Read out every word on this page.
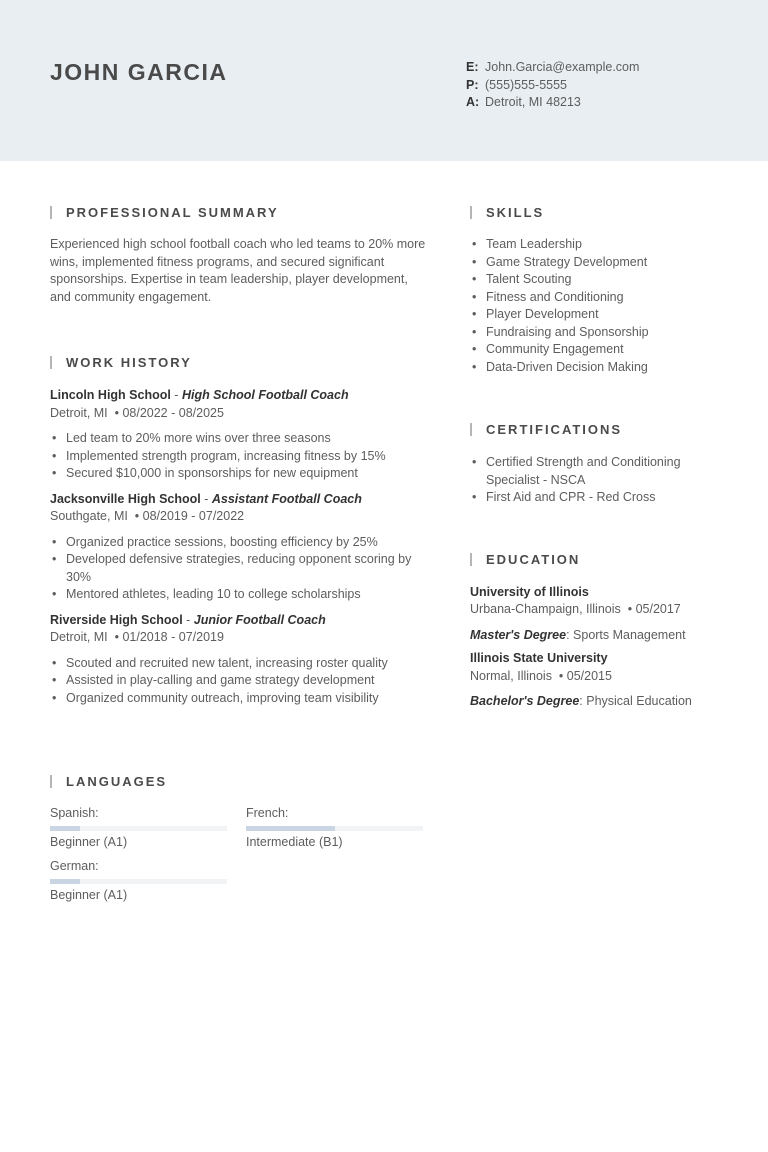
JOHN GARCIA	E: John.Garcia@example.com
P: (555)555-5555
A: Detroit, MI 48213
PROFESSIONAL SUMMARY

Experienced high school football coach who led teams to 20% more wins, implemented fitness programs, and secured significant sponsorships. Expertise in team leadership, player development, and community engagement.

WORK HISTORY
Lincoln High School - High School Football Coach
Detroit, MI  • 08/2022 - 08/2025
• Led team to 20% more wins over three seasons
• Implemented strength program, increasing fitness by 15%
• Secured $10,000 in sponsorships for new equipment
Jacksonville High School - Assistant Football Coach
Southgate, MI  • 08/2019 - 07/2022
• Organized practice sessions, boosting efficiency by 25%
• Developed defensive strategies, reducing opponent scoring by 30%
• Mentored athletes, leading 10 to college scholarships
Riverside High School - Junior Football Coach
Detroit, MI  • 01/2018 - 07/2019
• Scouted and recruited new talent, increasing roster quality
• Assisted in play-calling and game strategy development
• Organized community outreach, improving team visibility
LANGUAGES
Spanish:
Beginner (A1)
French:
Intermediate (B1)
German:
Beginner (A1)
SKILLS
• Team Leadership
• Game Strategy Development
• Talent Scouting
• Fitness and Conditioning
• Player Development
• Fundraising and Sponsorship
• Community Engagement
• Data-Driven Decision Making
CERTIFICATIONS
• Certified Strength and Conditioning Specialist - NSCA
• First Aid and CPR - Red Cross
EDUCATION
University of Illinois
Urbana-Champaign, Illinois  • 05/2017
Master's Degree: Sports Management
Illinois State University
Normal, Illinois  • 05/2015
Bachelor's Degree: Physical Education
